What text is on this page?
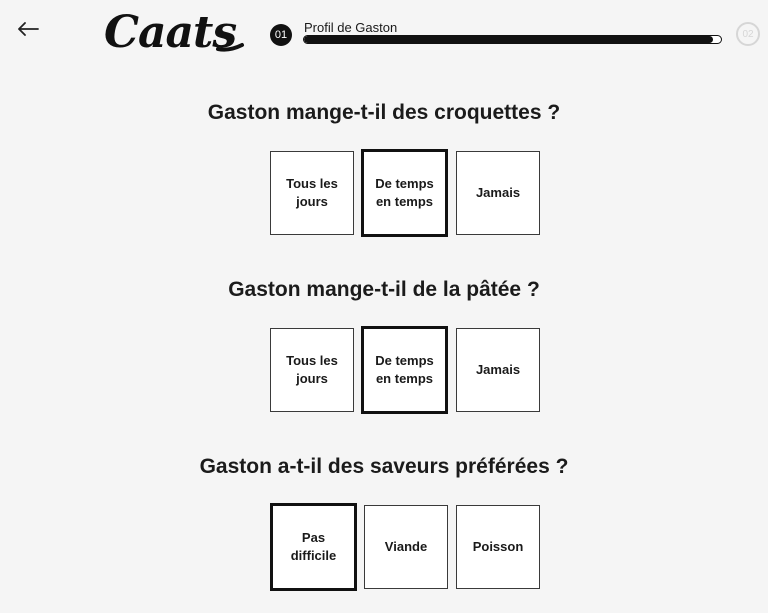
Caats	01	Profil de Gaston	02
Gaston mange-t-il des croquettes ?
Tous les
jours
De temps
en temps
Jamais
Gaston mange-t-il de la pâtée ?
Tous les
jours
De temps
en temps
Jamais
Gaston a-t-il des saveurs préférées ?
Pas
difficile
Viande	Poisson
